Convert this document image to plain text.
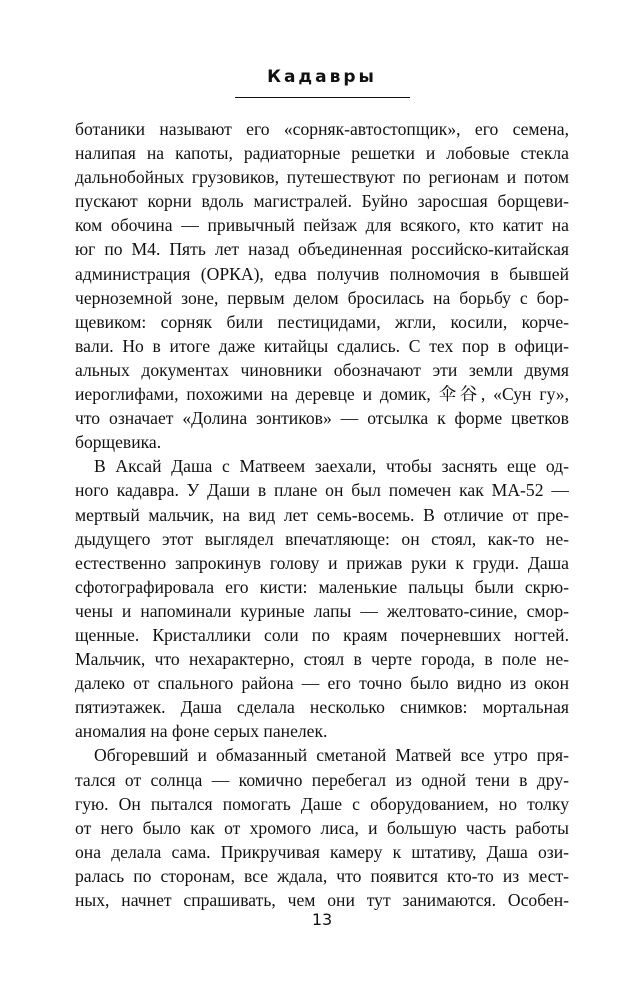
Кадавры
ботаники называют его «сорняк-автостопщик», его семена,
налипая на капоты, радиаторные решетки и лобовые стекла
дальнобойных грузовиков, путешествуют по регионам и потом
пускают корни вдоль магистралей. Буйно заросшая борщеви-
ком обочина — привычный пейзаж для всякого, кто катит на
юг по М4. Пять лет назад объединенная российско-китайская
администрация (ОРКА), едва получив полномочия в бывшей
черноземной зоне, первым делом бросилась на борьбу с бор-
щевиком: сорняк били пестицидами, жгли, косили, корче-
вали. Но в итоге даже китайцы сдались. С тех пор в офици-
альных документах чиновники обозначают эти земли двумя
иероглифами, похожими на деревце и домик, 伞谷, «Сун гу»,
что означает «Долина зонтиков» — отсылка к форме цветков
борщевика.
В Аксай Даша с Матвеем заехали, чтобы заснять еще од-
ного кадавра. У Даши в плане он был помечен как МА-52 —
мертвый мальчик, на вид лет семь-восемь. В отличие от пре-
дыдущего этот выглядел впечатляюще: он стоял, как-то не-
естественно запрокинув голову и прижав руки к груди. Даша
сфотографировала его кисти: маленькие пальцы были скрю-
чены и напоминали куриные лапы — желтовато-синие, смор-
щенные. Кристаллики соли по краям почерневших ногтей.
Мальчик, что нехарактерно, стоял в черте города, в поле не-
далеко от спального района — его точно было видно из окон
пятиэтажек. Даша сделала несколько снимков: мортальная
аномалия на фоне серых панелек.
Обгоревший и обмазанный сметаной Матвей все утро пря-
тался от солнца — комично перебегал из одной тени в дру-
гую. Он пытался помогать Даше с оборудованием, но толку
от него было как от хромого лиса, и большую часть работы
она делала сама. Прикручивая камеру к штативу, Даша ози-
ралась по сторонам, все ждала, что появится кто-то из мест-
ных, начнет спрашивать, чем они тут занимаются. Особен-
13
